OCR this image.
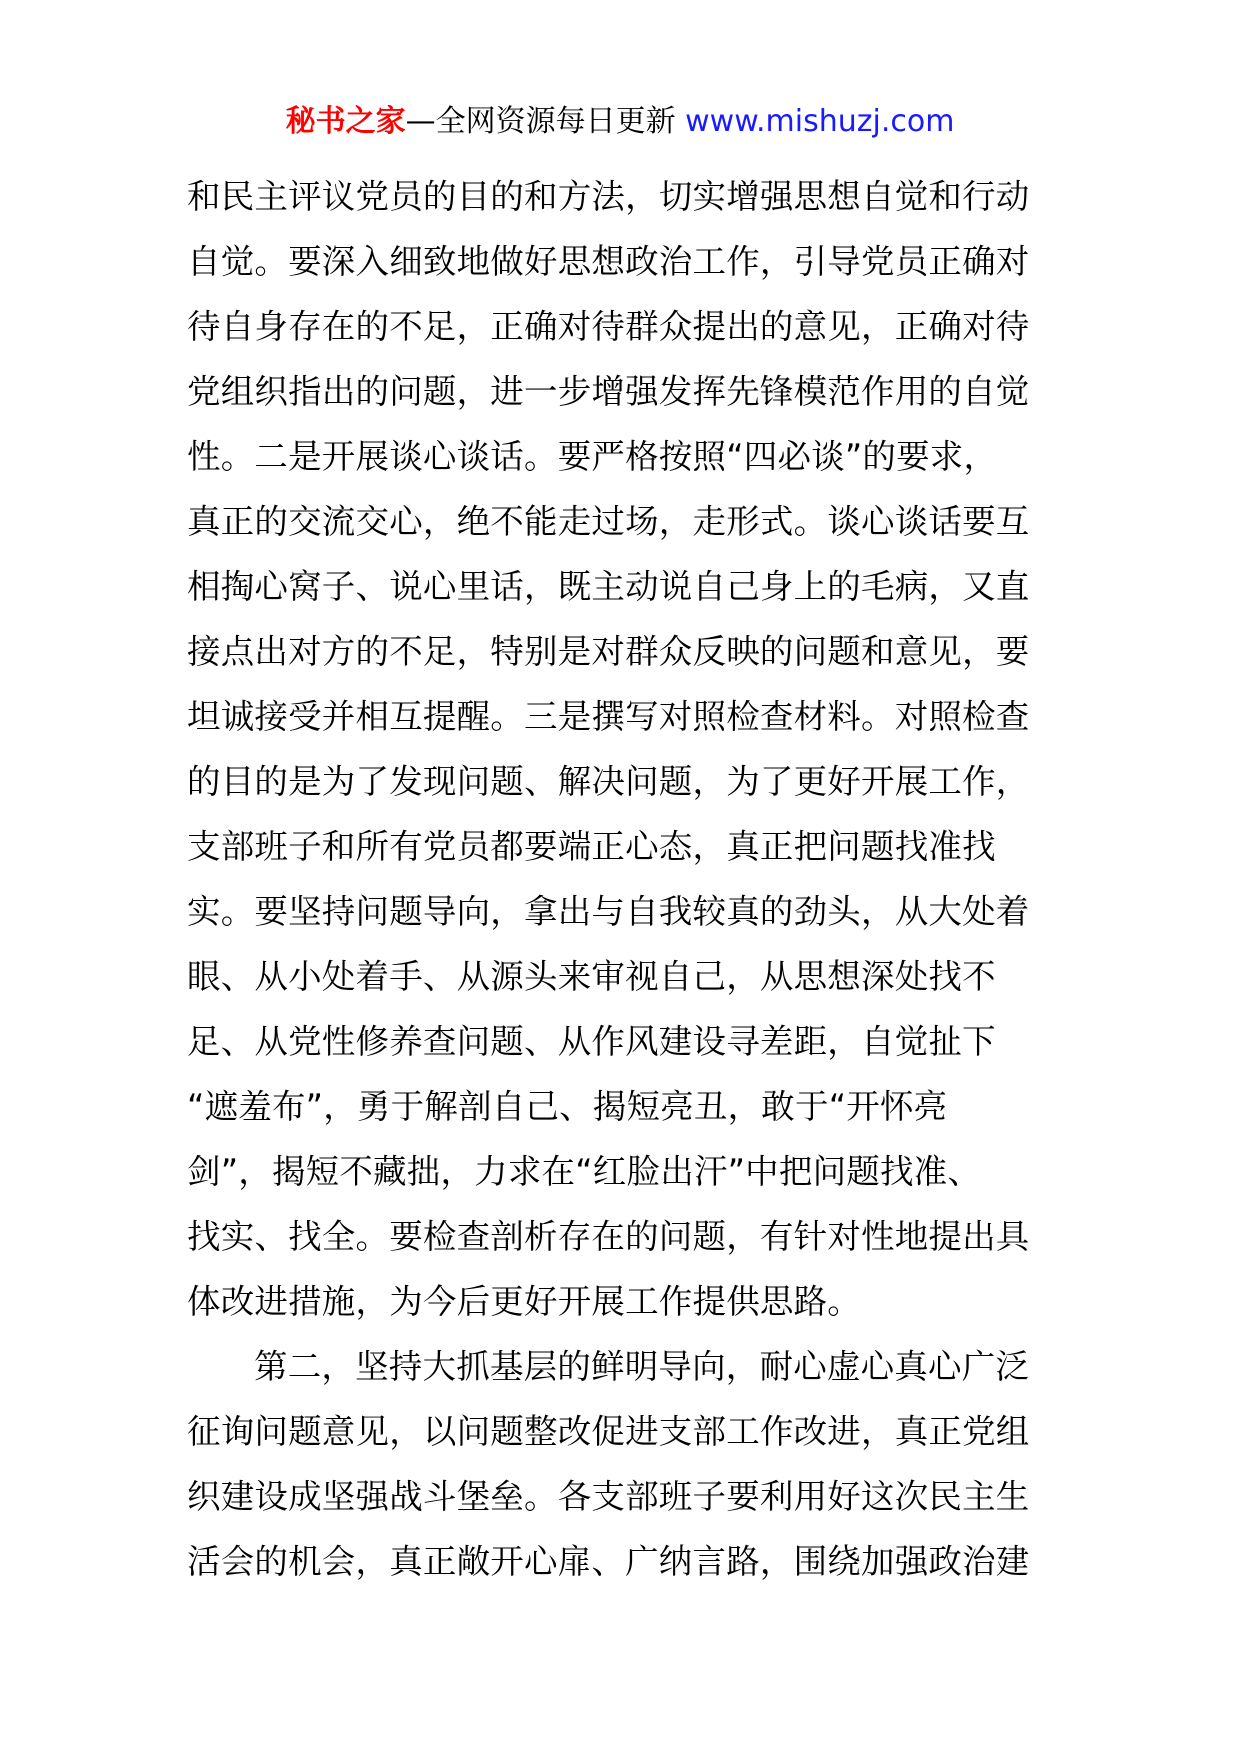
秘书之家—全网资源每日更新 www.mishuzj.com
和民主评议党员的目的和方法，切实增强思想自觉和行动
自觉。要深入细致地做好思想政治工作，引导党员正确对
待自身存在的不足，正确对待群众提出的意见，正确对待
党组织指出的问题，进一步增强发挥先锋模范作用的自觉
性。二是开展谈心谈话。要严格按照“四必谈”的要求，
真正的交流交心，绝不能走过场，走形式。谈心谈话要互
相掏心窝子、说心里话，既主动说自己身上的毛病，又直
接点出对方的不足，特别是对群众反映的问题和意见，要
坦诚接受并相互提醒。三是撰写对照检查材料。对照检查
的目的是为了发现问题、解决问题，为了更好开展工作，
支部班子和所有党员都要端正心态，真正把问题找准找
实。要坚持问题导向，拿出与自我较真的劲头，从大处着
眼、从小处着手、从源头来审视自己，从思想深处找不
足、从党性修养查问题、从作风建设寻差距，自觉扯下
“遮羞布”，勇于解剖自己、揭短亮丑，敢于“开怀亮
剑”，揭短不藏拙，力求在“红脸出汗”中把问题找准、
找实、找全。要检查剖析存在的问题，有针对性地提出具
体改进措施，为今后更好开展工作提供思路。
第二，坚持大抓基层的鲜明导向，耐心虚心真心广泛
征询问题意见，以问题整改促进支部工作改进，真正党组
织建设成坚强战斗堡垒。各支部班子要利用好这次民主生
活会的机会，真正敞开心扉、广纳言路，围绕加强政治建
